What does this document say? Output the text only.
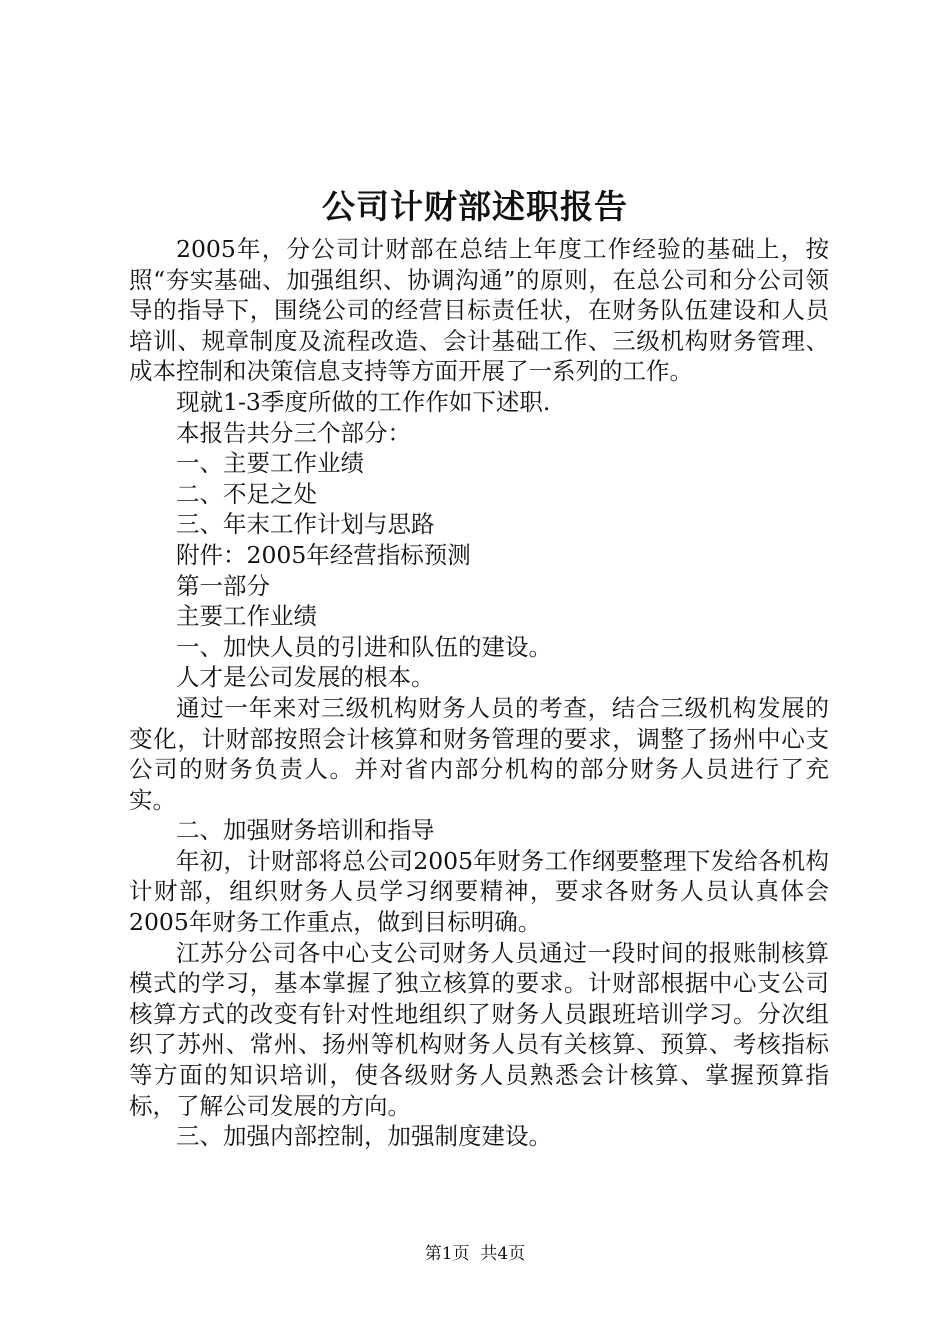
公司计财部述职报告

2005年，分公司计财部在总结上年度工作经验的基础上，按照“夯实基础、加强组织、协调沟通”的原则，在总公司和分公司领导的指导下，围绕公司的经营目标责任状，在财务队伍建设和人员培训、规章制度及流程改造、会计基础工作、三级机构财务管理、成本控制和决策信息支持等方面开展了一系列的工作。

现就1-3季度所做的工作作如下述职.

本报告共分三个部分：

一、主要工作业绩

二、不足之处

三、年末工作计划与思路

附件：2005年经营指标预测

第一部分

主要工作业绩

一、加快人员的引进和队伍的建设。

人才是公司发展的根本。

通过一年来对三级机构财务人员的考查，结合三级机构发展的变化，计财部按照会计核算和财务管理的要求，调整了扬州中心支公司的财务负责人。并对省内部分机构的部分财务人员进行了充实。

二、加强财务培训和指导

年初，计财部将总公司2005年财务工作纲要整理下发给各机构计财部，组织财务人员学习纲要精神，要求各财务人员认真体会2005年财务工作重点，做到目标明确。

江苏分公司各中心支公司财务人员通过一段时间的报账制核算模式的学习，基本掌握了独立核算的要求。计财部根据中心支公司核算方式的改变有针对性地组织了财务人员跟班培训学习。分次组织了苏州、常州、扬州等机构财务人员有关核算、预算、考核指标等方面的知识培训，使各级财务人员熟悉会计核算、掌握预算指标，了解公司发展的方向。

三、加强内部控制，加强制度建设。

第1页 共4页
